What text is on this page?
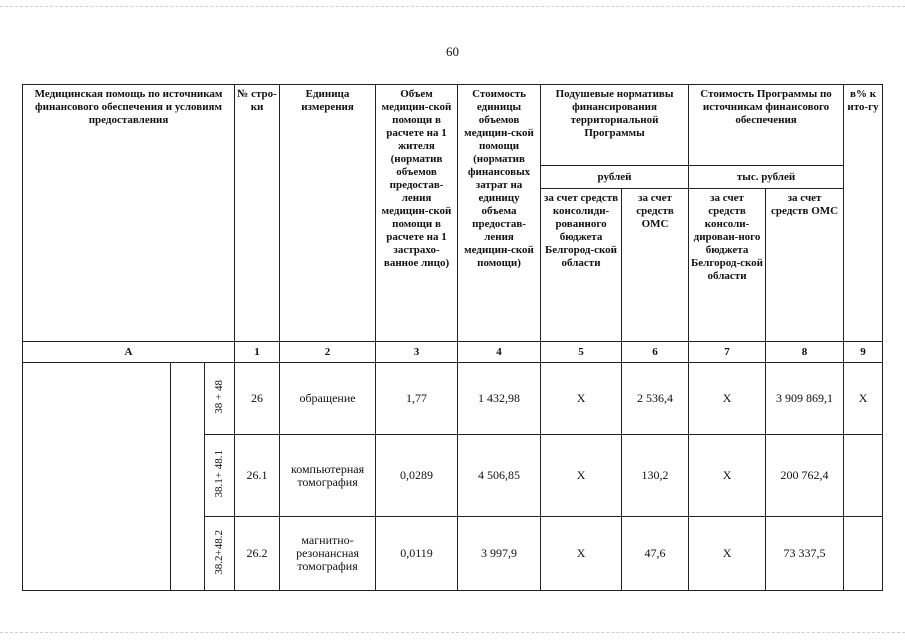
60
Медицинская помощь по источникам финансового обеспечения и условиям предоставления			№ стро-ки	Единица измерения	Объем медицин-ской помощи в расчете на 1 жителя (норматив объемов предостав-ления медицин-ской помощи в расчете на 1 застрахо-ванное лицо)	Стоимость единицы объемов медицин-ской помощи (норматив финансовых затрат на единицу объема предостав-ления медицин-ской помощи)	Подушевые нормативы финансирования территориальной Программы		Стоимость Программы по источникам финансового обеспечения		в% к ито-гу
							рублей		тыс. рублей		
							за счет средств консолиди-рованного бюджета Белгород-ской области	за счет средств ОМС	за счет средств консоли-диpован-ного бюджета Белгород-ской области	за счет средств ОМС	
А			1	2	3	4	5	6	7	8	9
		38 + 48	26	обращение	1,77	1 432,98	Х	2 536,4	Х	3 909 869,1	Х
		38.1+ 48.1	26.1	компьютерная томография	0,0289	4 506,85	Х	130,2	Х	200 762,4	
		38.2+48.2	26.2	магнитно-резонансная томография	0,0119	3 997,9	Х	47,6	Х	73 337,5	
